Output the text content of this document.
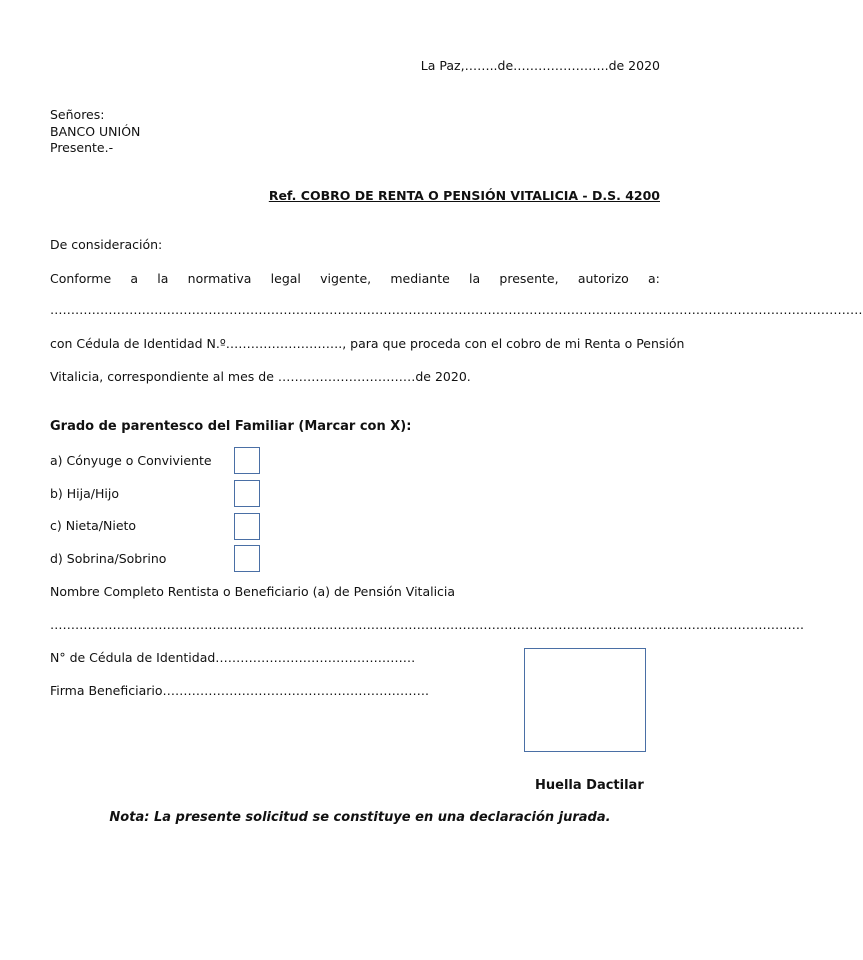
La Paz,……..de…………………..de 2020
Señores:
BANCO UNIÓN
Presente.-
Ref. COBRO DE RENTA O PENSIÓN VITALICIA - D.S. 4200
De consideración:
Conforme a la normativa legal vigente, mediante la presente, autorizo a:
……………………………………………………………………………………………………………………………………………………………………………
con Cédula de Identidad N.º………………………., para que proceda con el cobro de mi Renta o Pensión
Vitalicia, correspondiente al mes de ……………………………de 2020.
Grado de parentesco del Familiar (Marcar con X):
a) Cónyuge o Conviviente
b) Hija/Hijo
c) Nieta/Nieto
d) Sobrina/Sobrino
Nombre Completo Rentista o Beneficiario (a) de Pensión Vitalicia
……………………………………………………………………………………………………………………………………………………………….
N° de Cédula de Identidad…………………………………………
Firma Beneficiario……………………………………………………….
Huella Dactilar
Nota: La presente solicitud se constituye en una declaración jurada.
